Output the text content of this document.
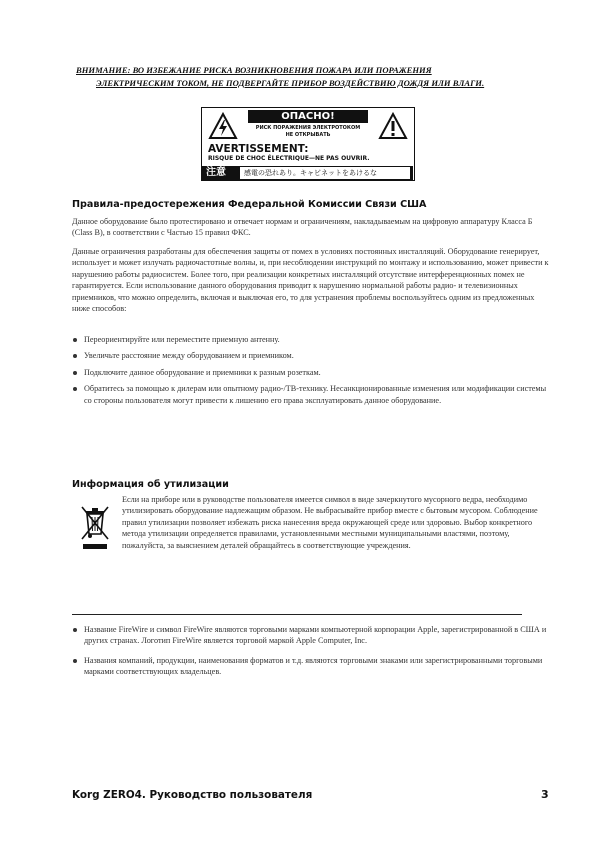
ВНИМАНИЕ: ВО ИЗБЕЖАНИЕ РИСКА ВОЗНИКНОВЕНИЯ ПОЖАРА ИЛИ ПОРАЖЕНИЯ
ЭЛЕКТРИЧЕСКИМ ТОКОМ, НЕ ПОДВЕРГАЙТЕ ПРИБОР ВОЗДЕЙСТВИЮ ДОЖДЯ ИЛИ ВЛАГИ.
ОПАСНО!
РИСК ПОРАЖЕНИЯ ЭЛЕКТРОТОКОМ
НЕ ОТКРЫВАТЬ
AVERTISSEMENT:
RISQUE DE CHOC ÉLECTRIQUE—NE PAS OUVRIR.
注意	感電の恐れあり。キャビネットをあけるな
Правила-предостережения Федеральной Комиссии Связи США
Данное оборудование было протестировано и отвечает нормам и ограничениям, накладываемым на цифровую аппаратуру Класса Б (Class B), в соответствии с Частью 15 правил ФКС.
Данные ограничения разработаны для обеспечения защиты от помех в условиях постоянных инсталляций. Оборудование генерирует, использует и может излучать радиочастотные волны, и, при несоблюдении инструкций по монтажу и использованию, может привести к нарушению работы радиосистем. Более того, при реализации конкретных инсталляций отсутствие интерференционных помех не гарантируется. Если использование данного оборудования приводит к нарушению нормальной работы радио- и телевизионных приемников, что можно определить, включая и выключая его, то для устранения проблемы воспользуйтесь одним из предложенных ниже способов:
Переориентируйте или переместите приемную антенну.
Увеличьте расстояние между оборудованием и приемником.
Подключите данное оборудование и приемники к разным розеткам.
Обратитесь за помощью к дилерам или опытному радио-/ТВ-технику. Несанкционированные изменения или модификации системы со стороны пользователя могут привести к лишению его права эксплуатировать данное оборудование.
Информация об утилизации
Если на приборе или в руководстве пользователя имеется символ в виде зачеркнутого мусорного ведра, необходимо утилизировать оборудование надлежащим образом. Не выбрасывайте прибор вместе с бытовым мусором. Соблюдение правил утилизации позволяет избежать риска нанесения вреда окружающей среде или здоровью. Выбор конкретного метода утилизации определяется правилами, установленными местными муниципальными властями, поэтому, пожалуйста, за выяснением деталей обращайтесь в соответствующие учреждения.
Название FireWire и символ FireWire являются торговыми марками компьютерной корпорации Apple, зарегистрированной в США и других странах. Логотип FireWire является торговой маркой Apple Computer, Inc.
Названия компаний, продукции, наименования форматов и т.д. являются торговыми знаками или зарегистрированными торговыми марками соответствующих владельцев.
Korg ZERO4. Руководство пользователя	3
